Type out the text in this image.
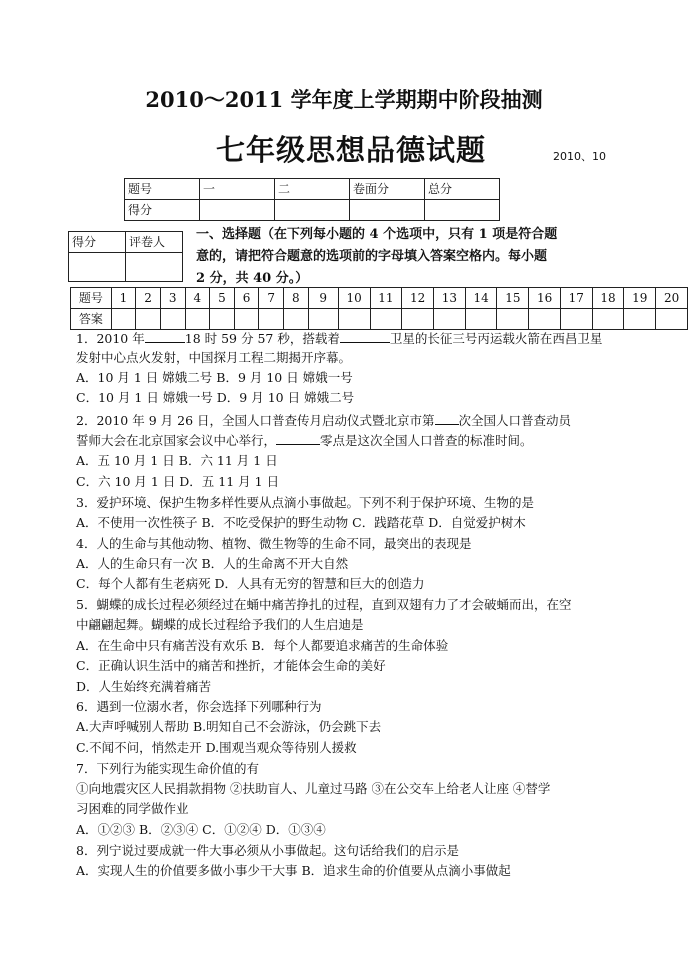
2010～2011 学年度上学期期中阶段抽测
七年级思想品德试题	2010、10
题号	一	二	卷面分	总分
得分				
得分	评卷人
	一、选择题（在下列每小题的 4 个选项中，只有 1 项是符合题
意的，请把符合题意的选项前的字母填入答案空格内。每小题
2 分，共 40 分。）
题号	1	2	3	4	5	6	7	8	9	10	11	12	13	14	15	16	17	18	19	20
答案																				
1．2010 年	18 时 59 分 57 秒，搭载着	卫星的长征三号丙运载火箭在西昌卫星
发射中心点火发射，中国探月工程二期揭开序幕。
A．10 月 1 日 嫦娥二号 B．9 月 10 日 嫦娥一号
C．10 月 1 日 嫦娥一号 D．9 月 10 日 嫦娥二号
2．2010 年 9 月 26 日，全国人口普查传月启动仪式暨北京市第 次全国人口普查动员
誓师大会在北京国家会议中心举行，	零点是这次全国人口普查的标准时间。
A．五 10 月 1 日 B．六 11 月 1 日
C．六 10 月 1 日 D．五 11 月 1 日
3．爱护环境、保护生物多样性要从点滴小事做起。下列不利于保护环境、生物的是
A．不使用一次性筷子 B．不吃受保护的野生动物 C．践踏花草 D．自觉爱护树木
4．人的生命与其他动物、植物、微生物等的生命不同，最突出的表现是
A．人的生命只有一次 B．人的生命离不开大自然
C．每个人都有生老病死 D．人具有无穷的智慧和巨大的创造力
5．蝴蝶的成长过程必须经过在蛹中痛苦挣扎的过程，直到双翅有力了才会破蛹而出，在空
中翩翩起舞。蝴蝶的成长过程给予我们的人生启迪是
A．在生命中只有痛苦没有欢乐 B．每个人都要追求痛苦的生命体验
C．正确认识生活中的痛苦和挫折，才能体会生命的美好
D．人生始终充满着痛苦
6．遇到一位溺水者，你会选择下列哪种行为
A.大声呼喊别人帮助 B.明知自己不会游泳，仍会跳下去
C.不闻不问，悄然走开 D.围观当观众等待别人援救
7．下列行为能实现生命价值的有
①向地震灾区人民捐款捐物 ②扶助盲人、儿童过马路 ③在公交车上给老人让座 ④替学
习困难的同学做作业
A．①②③ B．②③④ C．①②④ D．①③④
8．列宁说过要成就一件大事必须从小事做起。这句话给我们的启示是
A．实现人生的价值要多做小事少干大事 B．追求生命的价值要从点滴小事做起
